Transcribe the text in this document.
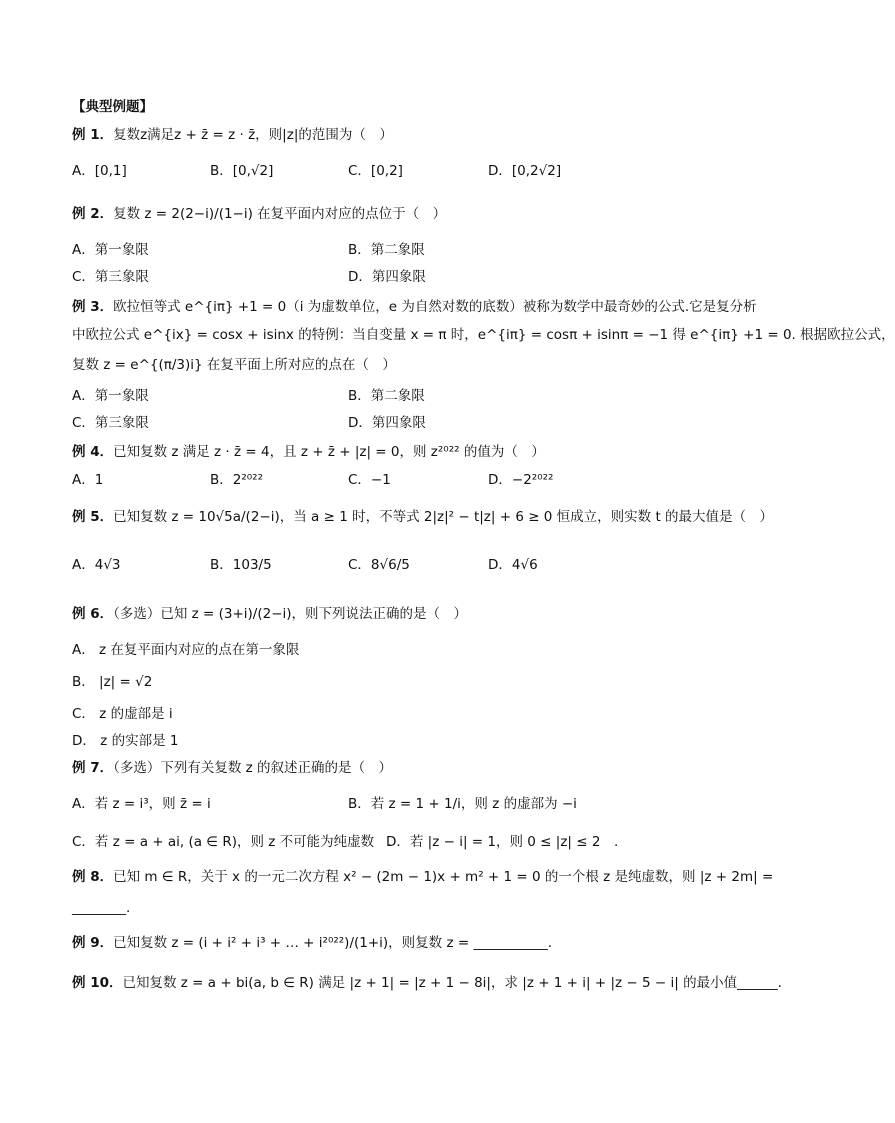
【典型例题】
例 1．复数z满足z + z̄ = z · z̄，则|z|的范围为（　）
A．[0,1]	B．[0,√2]	C．[0,2]	D．[0,2√2]
例 2．复数 z = 2(2−i)/(1−i) 在复平面内对应的点位于（　）
A．第一象限	B．第二象限
C．第三象限	D．第四象限
例 3．欧拉恒等式 e^{iπ} +1 = 0（i 为虚数单位，e 为自然对数的底数）被称为数学中最奇妙的公式.它是复分析
中欧拉公式 e^{ix} = cosx + isinx 的特例：当自变量 x = π 时，e^{iπ} = cosπ + isinπ = −1 得 e^{iπ} +1 = 0. 根据欧拉公式，
复数 z = e^{(π/3)i} 在复平面上所对应的点在（　）
A．第一象限	B．第二象限
C．第三象限	D．第四象限
例 4．已知复数 z 满足 z · z̄ = 4，且 z + z̄ + |z| = 0，则 z²⁰²² 的值为（　）
A．1	B．2²⁰²²	C．−1	D．−2²⁰²²
例 5．已知复数 z = 10√5a/(2−i)，当 a ≥ 1 时，不等式 2|z|² − t|z| + 6 ≥ 0 恒成立，则实数 t 的最大值是（　）
A．4√3	B．103/5	C．8√6/5	D．4√6
例 6．（多选）已知 z = (3+i)/(2−i)，则下列说法正确的是（　）
A． z 在复平面内对应的点在第一象限
B． |z| = √2
C． z 的虚部是 i
D． z 的实部是 1
例 7．（多选）下列有关复数 z 的叙述正确的是（　）
A．若 z = i³，则 z̄ = i	B．若 z = 1 + 1/i，则 z 的虚部为 −i
C．若 z = a + ai, (a ∈ R)，则 z 不可能为纯虚数　.
D．若 |z − i| = 1，则 0 ≤ |z| ≤ 2　.
例 8．已知 m ∈ R，关于 x 的一元二次方程 x² − (2m − 1)x + m² + 1 = 0 的一个根 z 是纯虚数，则 |z + 2m| =
________.
例 9．已知复数 z = (i + i² + i³ + … + i²⁰²²)/(1+i)，则复数 z = ___________.
例 10．已知复数 z = a + bi(a, b ∈ R) 满足 |z + 1| = |z + 1 − 8i|，求 |z + 1 + i| + |z − 5 − i| 的最小值______.
